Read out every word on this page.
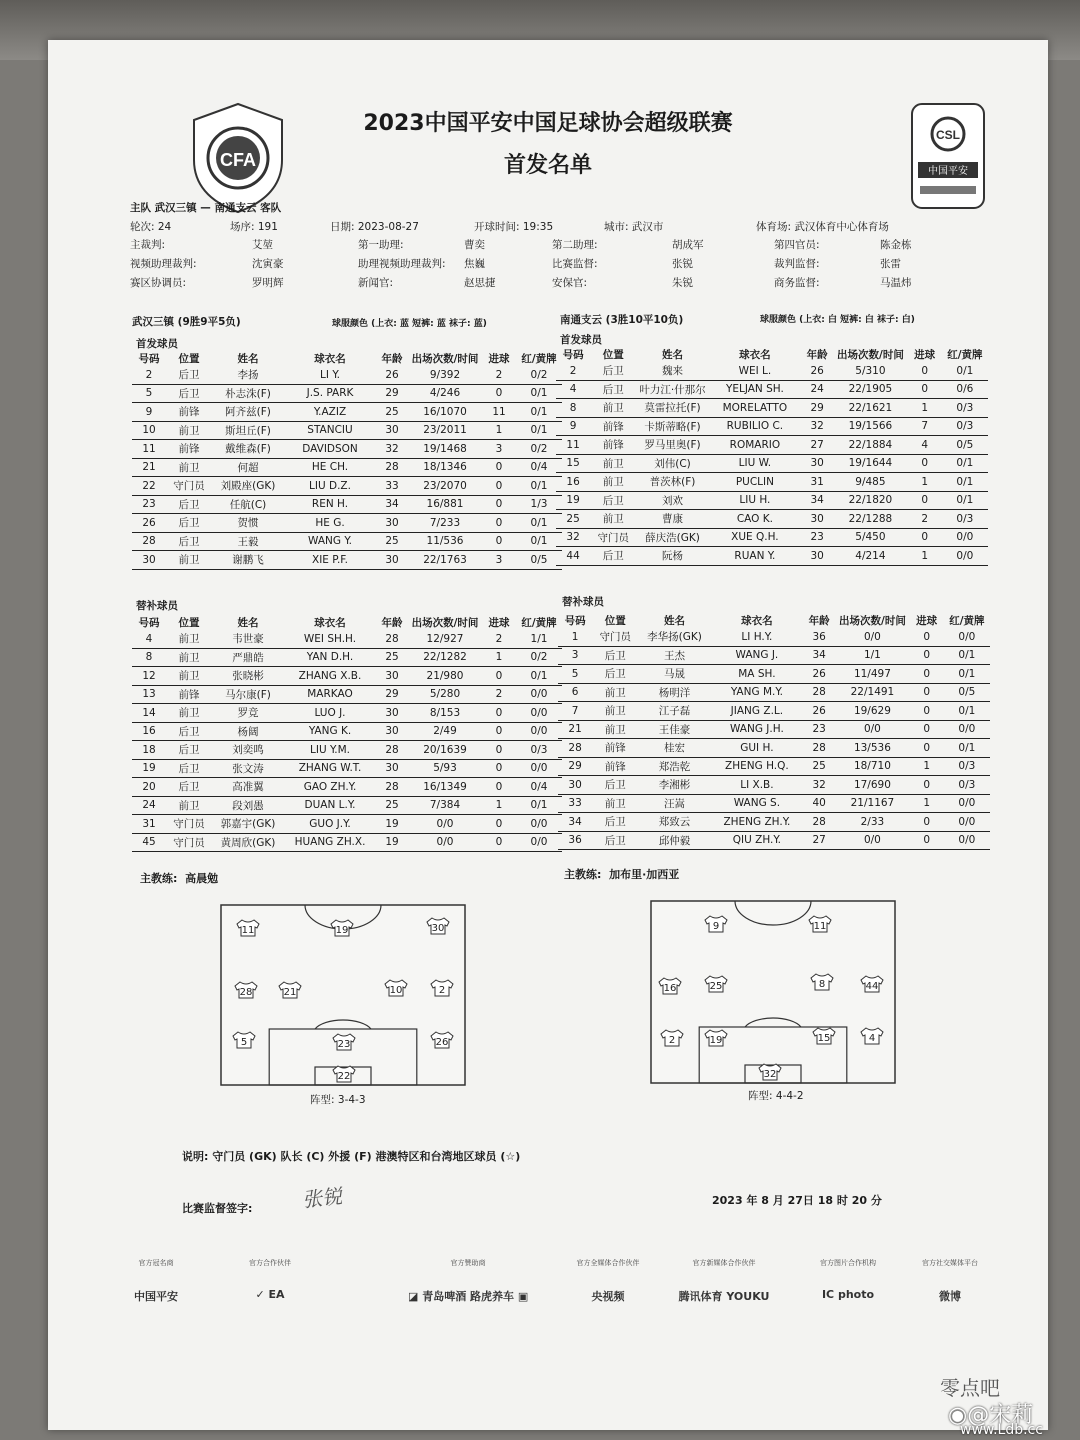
CFA
CSL
中国平安
2023中国平安中国足球协会超级联赛
首发名单
主队 武汉三镇 — 南通支云 客队
轮次: 24	场序: 191	日期: 2023-08-27	开球时间: 19:35	城市: 武汉市	体育场: 武汉体育中心体育场
主裁判:	艾堃	第一助理:	曹奕	第二助理:	胡成军	第四官员:	陈金栋
视频助理裁判:	沈寅豪	助理视频助理裁判: 焦巍	比赛监督:	张锐	裁判监督:	张雷
赛区协调员:	罗明辉	新闻官:	赵思捷	安保官:	朱锐	商务监督:	马温炜
武汉三镇 (9胜9平5负)	球服颜色 (上衣: 蓝 短裤: 蓝 袜子: 蓝)	南通支云 (3胜10平10负)	球服颜色 (上衣: 白 短裤: 白 袜子: 白)
首发球员	首发球员
号码	位置	姓名	球衣名	年龄	出场次数/时间	进球	红/黄牌
2	后卫	李扬	LI Y.	26	9/392	2	0/2
5	后卫	朴志洙(F)	J.S. PARK	29	4/246	0	0/1
9	前锋	阿齐兹(F)	Y.AZIZ	25	16/1070	11	0/1
10	前卫	斯坦丘(F)	STANCIU	30	23/2011	1	0/1
11	前锋	戴维森(F)	DAVIDSON	32	19/1468	3	0/2
21	前卫	何超	HE CH.	28	18/1346	0	0/4
22	守门员	刘殿座(GK)	LIU D.Z.	33	23/2070	0	0/1
23	后卫	任航(C)	REN H.	34	16/881	0	1/3
26	后卫	贺惯	HE G.	30	7/233	0	0/1
28	后卫	王毅	WANG Y.	25	11/536	0	0/1
30	前卫	谢鹏飞	XIE P.F.	30	22/1763	3	0/5
号码	位置	姓名	球衣名	年龄	出场次数/时间	进球	红/黄牌
2	后卫	魏来	WEI L.	26	5/310	0	0/1
4	后卫	叶力江·什那尔	YELJAN SH.	24	22/1905	0	0/6
8	前卫	莫雷拉托(F)	MORELATTO	29	22/1621	1	0/3
9	前锋	卡斯蒂略(F)	RUBILIO C.	32	19/1566	7	0/3
11	前锋	罗马里奥(F)	ROMARIO	27	22/1884	4	0/5
15	前卫	刘伟(C)	LIU W.	30	19/1644	0	0/1
16	前卫	普茨林(F)	PUCLIN	31	9/485	1	0/1
19	后卫	刘欢	LIU H.	34	22/1820	0	0/1
25	前卫	曹康	CAO K.	30	22/1288	2	0/3
32	守门员	薛庆浩(GK)	XUE Q.H.	23	5/450	0	0/0
44	后卫	阮杨	RUAN Y.	30	4/214	1	0/0
替补球员	替补球员
号码	位置	姓名	球衣名	年龄	出场次数/时间	进球	红/黄牌
4	前卫	韦世豪	WEI SH.H.	28	12/927	2	1/1
8	前卫	严鼎皓	YAN D.H.	25	22/1282	1	0/2
12	前卫	张晓彬	ZHANG X.B.	30	21/980	0	0/1
13	前锋	马尔康(F)	MARKAO	29	5/280	2	0/0
14	前卫	罗竞	LUO J.	30	8/153	0	0/0
16	后卫	杨阔	YANG K.	30	2/49	0	0/0
18	后卫	刘奕鸣	LIU Y.M.	28	20/1639	0	0/3
19	后卫	张文涛	ZHANG W.T.	30	5/93	0	0/0
20	后卫	高准翼	GAO ZH.Y.	28	16/1349	0	0/4
24	前卫	段刘愚	DUAN L.Y.	25	7/384	1	0/1
31	守门员	郭嘉宇(GK)	GUO J.Y.	19	0/0	0	0/0
45	守门员	黄周欣(GK)	HUANG ZH.X.	19	0/0	0	0/0
号码	位置	姓名	球衣名	年龄	出场次数/时间	进球	红/黄牌
1	守门员	李华扬(GK)	LI H.Y.	36	0/0	0	0/0
3	后卫	王杰	WANG J.	34	1/1	0	0/1
5	后卫	马晟	MA SH.	26	11/497	0	0/1
6	前卫	杨明洋	YANG M.Y.	28	22/1491	0	0/5
7	前卫	江子磊	JIANG Z.L.	26	19/629	0	0/1
21	前卫	王佳豪	WANG J.H.	23	0/0	0	0/0
28	前锋	桂宏	GUI H.	28	13/536	0	0/1
29	前锋	郑浩乾	ZHENG H.Q.	25	18/710	1	0/3
30	后卫	李湘彬	LI X.B.	32	17/690	0	0/3
33	前卫	汪嵩	WANG S.	40	21/1167	1	0/0
34	后卫	郑致云	ZHENG ZH.Y.	28	2/33	0	0/0
36	后卫	邱仲毅	QIU ZH.Y.	27	0/0	0	0/0
主教练: 高晨勉	主教练: 加布里·加西亚
11	19	30
28	21	10	2
5	23	26
22
9	11
16	25	8	44
2	19	15	4
32
阵型: 3-4-3	阵型: 4-4-2
说明: 守门员 (GK) 队长 (C) 外援 (F) 港澳特区和台湾地区球员 (☆)
比赛监督签字: 张锐	2023 年 8 月 27日 18 时 20 分
官方冠名商
中国平安
官方合作伙伴
✓ EA
官方赞助商
◪ 青岛啤酒 路虎养车 ▣
官方全媒体合作伙伴
央视频
官方新媒体合作伙伴
腾讯体育 YOUKU
官方图片合作机构
IC photo
官方社交媒体平台
微博
零点吧
◉@宋莉
www.Ldb.cc
